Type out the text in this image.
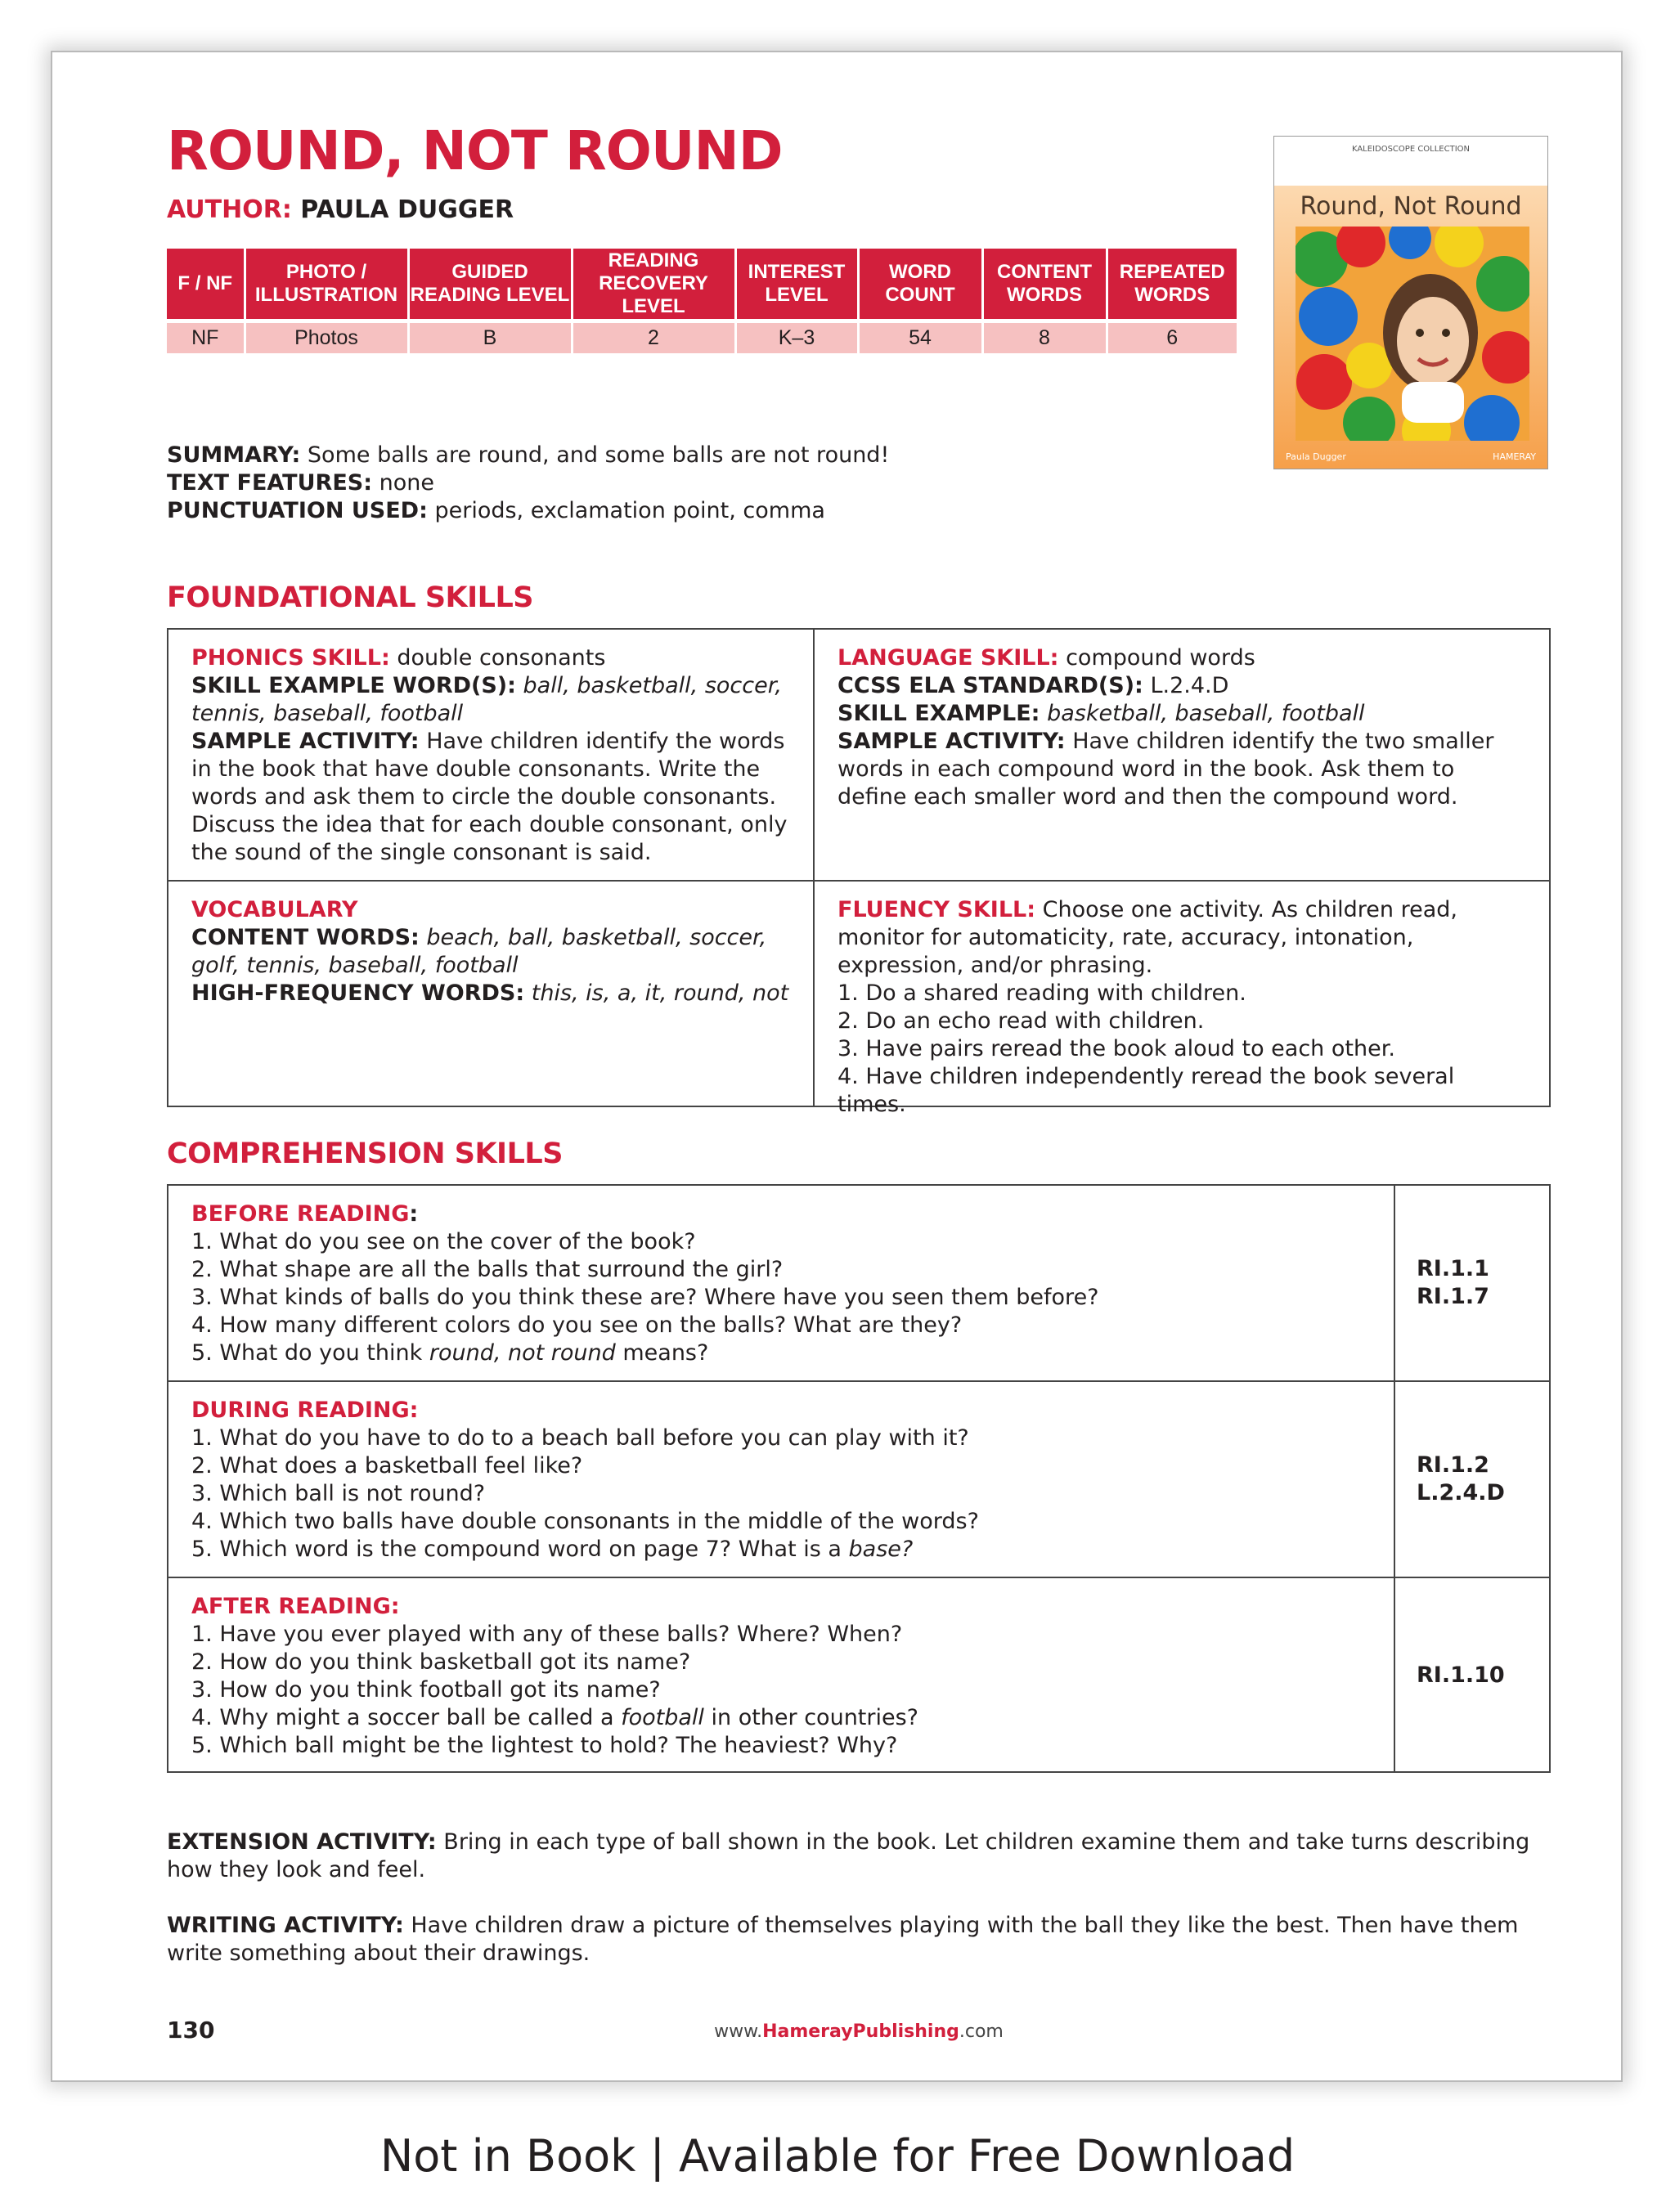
ROUND, NOT ROUND
AUTHOR: PAULA DUGGER
F / NF	PHOTO / ILLUSTRATION	GUIDED READING LEVEL	READING RECOVERY LEVEL	INTEREST LEVEL	WORD COUNT	CONTENT WORDS	REPEATED WORDS
NF	Photos	B	2	K–3	54	8	6
SUMMARY: Some balls are round, and some balls are not round!
TEXT FEATURES: none
PUNCTUATION USED: periods, exclamation point, comma
KALEIDOSCOPE COLLECTION
Round, Not Round
Paula Dugger	HAMERAY
FOUNDATIONAL SKILLS
PHONICS SKILL: double consonants
SKILL EXAMPLE WORD(S): ball, basketball, soccer, tennis, baseball, football
SAMPLE ACTIVITY: Have children identify the words in the book that have double consonants. Write the words and ask them to circle the double consonants. Discuss the idea that for each double consonant, only the sound of the single consonant is said.
LANGUAGE SKILL: compound words
CCSS ELA STANDARD(S): L.2.4.D
SKILL EXAMPLE: basketball, baseball, football
SAMPLE ACTIVITY: Have children identify the two smaller words in each compound word in the book. Ask them to define each smaller word and then the compound word.
VOCABULARY
CONTENT WORDS: beach, ball, basketball, soccer, golf, tennis, baseball, football
HIGH-FREQUENCY WORDS: this, is, a, it, round, not
FLUENCY SKILL: Choose one activity. As children read, monitor for automaticity, rate, accuracy, intonation, expression, and/or phrasing.
1. Do a shared reading with children.
2. Do an echo read with children.
3. Have pairs reread the book aloud to each other.
4. Have children independently reread the book several times.
COMPREHENSION SKILLS
BEFORE READING:
1. What do you see on the cover of the book?
2. What shape are all the balls that surround the girl?
3. What kinds of balls do you think these are? Where have you seen them before?
4. How many different colors do you see on the balls? What are they?
5. What do you think round, not round means?
RI.1.1
RI.1.7
DURING READING:
1. What do you have to do to a beach ball before you can play with it?
2. What does a basketball feel like?
3. Which ball is not round?
4. Which two balls have double consonants in the middle of the words?
5. Which word is the compound word on page 7? What is a base?
RI.1.2
L.2.4.D
AFTER READING:
1. Have you ever played with any of these balls? Where? When?
2. How do you think basketball got its name?
3. How do you think football got its name?
4. Why might a soccer ball be called a football in other countries?
5. Which ball might be the lightest to hold? The heaviest? Why?
RI.1.10
EXTENSION ACTIVITY: Bring in each type of ball shown in the book. Let children examine them and take turns describing how they look and feel.
WRITING ACTIVITY: Have children draw a picture of themselves playing with the ball they like the best. Then have them write something about their drawings.
130	www.HamerayPublishing.com
Not in Book | Available for Free Download
